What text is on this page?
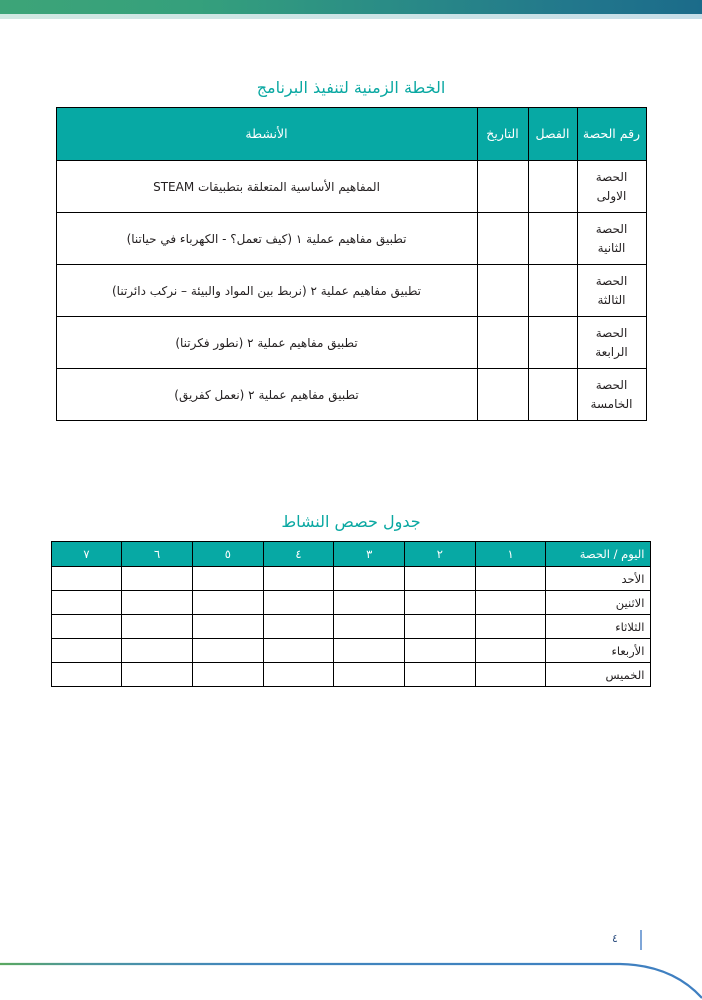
الخطة الزمنية لتنفيذ البرنامج
رقم الحصة	الفصل	التاريخ	الأنشطة
الحصة الاولى			المفاهيم الأساسية المتعلقة بتطبيقات STEAM
الحصة الثانية			تطبيق مفاهيم عملية ١ (كيف تعمل؟ - الكهرباء في حياتنا)
الحصة الثالثة			تطبيق مفاهيم عملية ٢ (نربط بين المواد والبيئة – نركب دائرتنا)
الحصة الرابعة			تطبيق مفاهيم عملية ٢ (نطور فكرتنا)
الحصة الخامسة			تطبيق مفاهيم عملية ٢ (نعمل كفريق)
جدول حصص النشاط
اليوم / الحصة	١	٢	٣	٤	٥	٦	٧
الأحد							
الاثنين							
الثلاثاء							
الأربعاء							
الخميس							
٤
